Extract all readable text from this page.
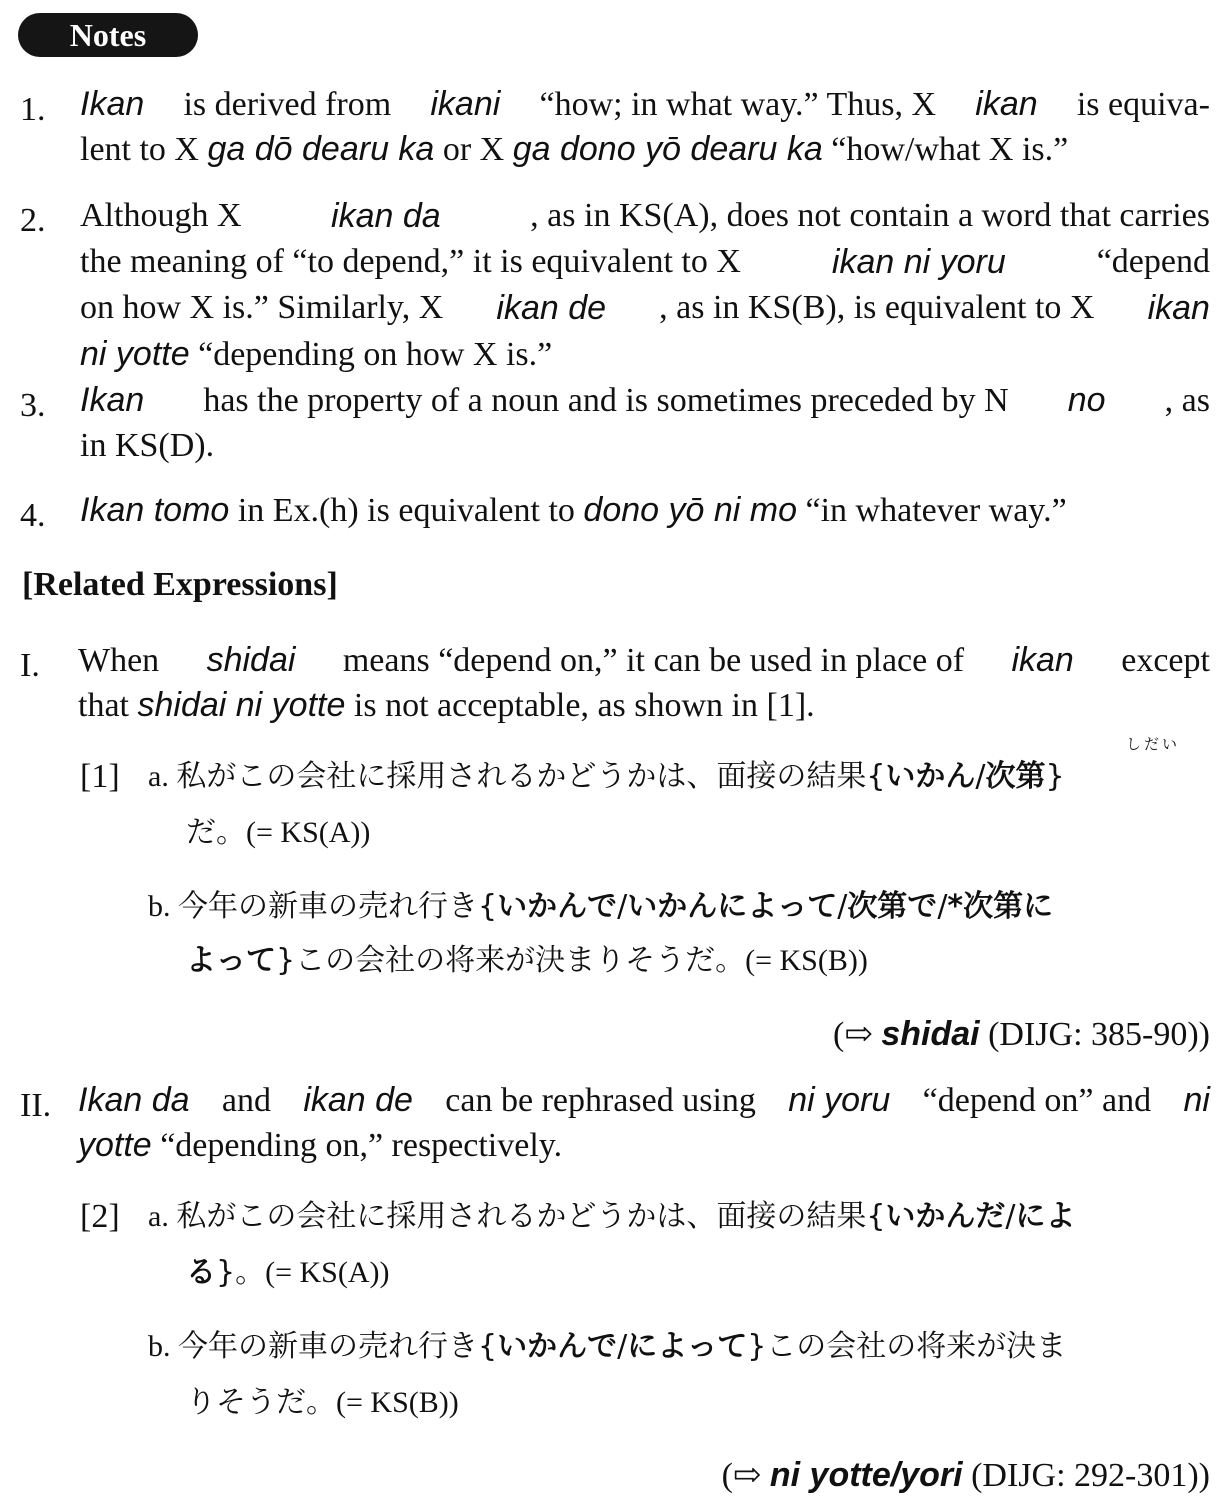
Notes
1. Ikan is derived from ikani “how; in what way.” Thus, X ikan is equiva-
lent to X ga dō dearu ka or X ga dono yō dearu ka “how/what X is.”
2. Although X	ikan da	, as in KS(A), does not contain a word that carries
the meaning of “to depend,” it is equivalent to X	ikan ni yoru	“depend
on how X is.” Similarly, X ikan de , as in KS(B), is equivalent to X ikan
ni yotte “depending on how X is.”
3. Ikan has the property of a noun and is sometimes preceded by N no , as
in KS(D).
4. Ikan tomo in Ex.(h) is equivalent to dono yō ni mo “in whatever way.”
[Related Expressions]
I. When shidai means “depend on,” it can be used in place of ikan except
that shidai ni yotte is not acceptable, as shown in [1].
[1]
しだい
a. 私がこの会社に採用されるかどうかは、面接の結果{いかん/次第}
だ。(= KS(A))
b. 今年の新車の売れ行き{いかんで/いかんによって/次第で/*次第に
よって}この会社の将来が決まりそうだ。(= KS(B))
(⇨ shidai (DIJG: 385-90))
II. Ikan da and ikan de can be rephrased using ni yoru “depend on” and ni
yotte “depending on,” respectively.
[2] a. 私がこの会社に採用されるかどうかは、面接の結果{いかんだ/によ
る}。(= KS(A))
b. 今年の新車の売れ行き{いかんで/によって}この会社の将来が決ま
りそうだ。(= KS(B))
(⇨ ni yotte/yori (DIJG: 292-301))
